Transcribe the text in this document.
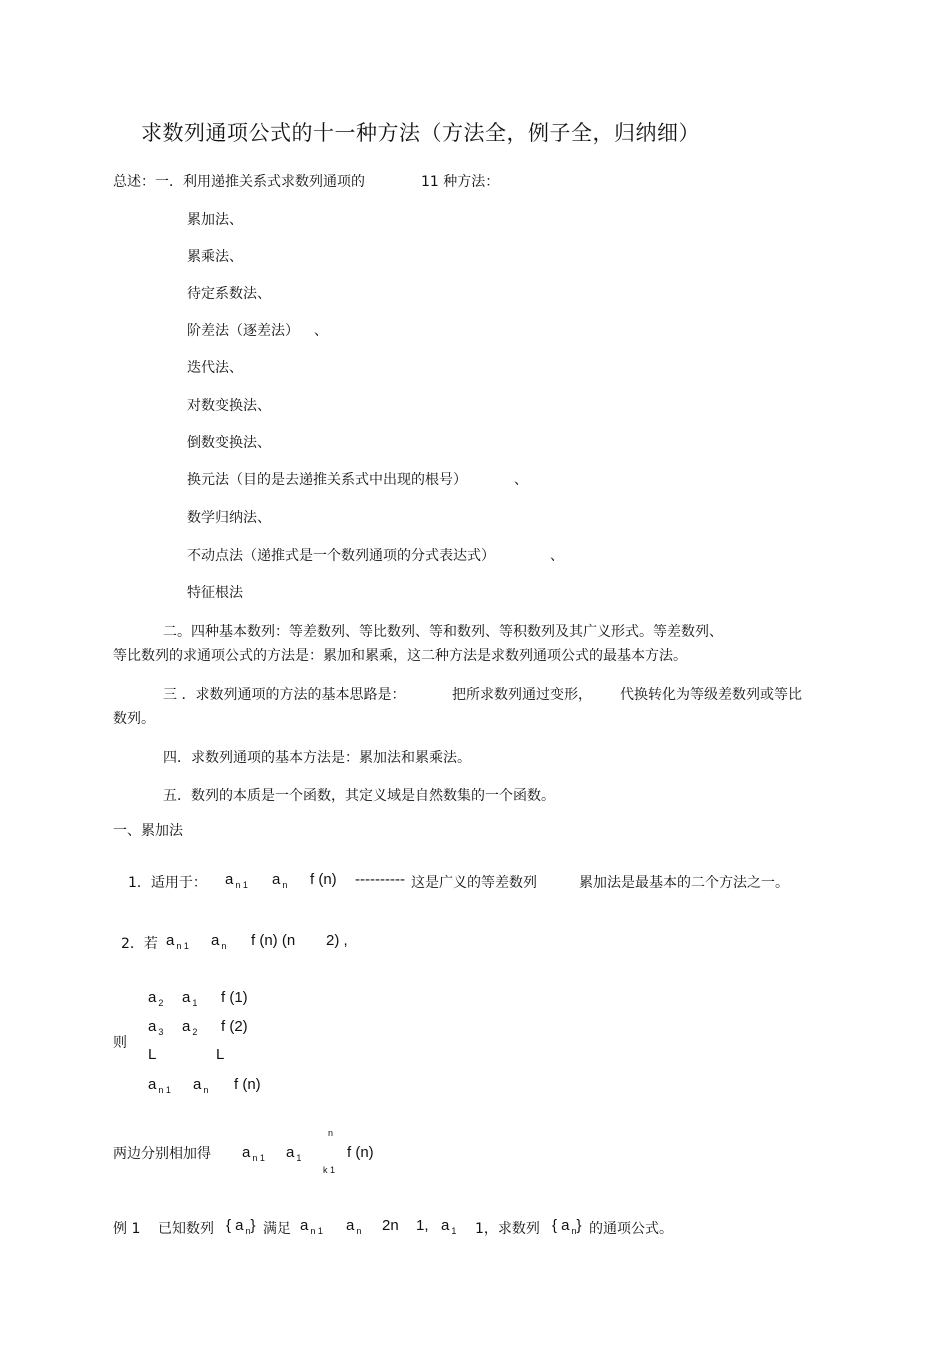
求数列通项公式的十一种方法（方法全，例子全，归纳细）
总述：一．利用递推关系式求数列通项的	11 种方法：
累加法、
累乘法、
待定系数法、
阶差法（逐差法） 、
迭代法、
对数变换法、
倒数变换法、
换元法（目的是去递推关系式中出现的根号）	、
数学归纳法、
不动点法（递推式是一个数列通项的分式表达式）	、
特征根法
二。四种基本数列：等差数列、等比数列、等和数列、等积数列及其广义形式。等差数列、
等比数列的求通项公式的方法是：累加和累乘，这二种方法是求数列通项公式的最基本方法。
三 ．求数列通项的方法的基本思路是：	把所求数列通过变形， 代换转化为等级差数列或等比
数列。
四．求数列通项的基本方法是：累加法和累乘法。
五．数列的本质是一个函数，其定义域是自然数集的一个函数。
一、累加法
1．适用于： a $_{n 1}$ a $_n$ f (n) ---------- 这是广义的等差数列	累加法是最基本的二个方法之一。
2．若 a $_{n 1}$ a $_n$ f (n) (n 2) ,
则
a $_2$ a $_1$ f (1)
a $_3$ a $_2$ f (2)
L	L
a $_{n 1}$ a $_n$ f (n)
两边分别相加得 a $_{n 1}$ a $_1$
n
k 1
f (n)
例 1 已知数列 { a $_n$} 满足 a $_{n 1}$ a $_n$ 2n 1, a $_1$ 1，求数列 { a $_n$} 的通项公式。
